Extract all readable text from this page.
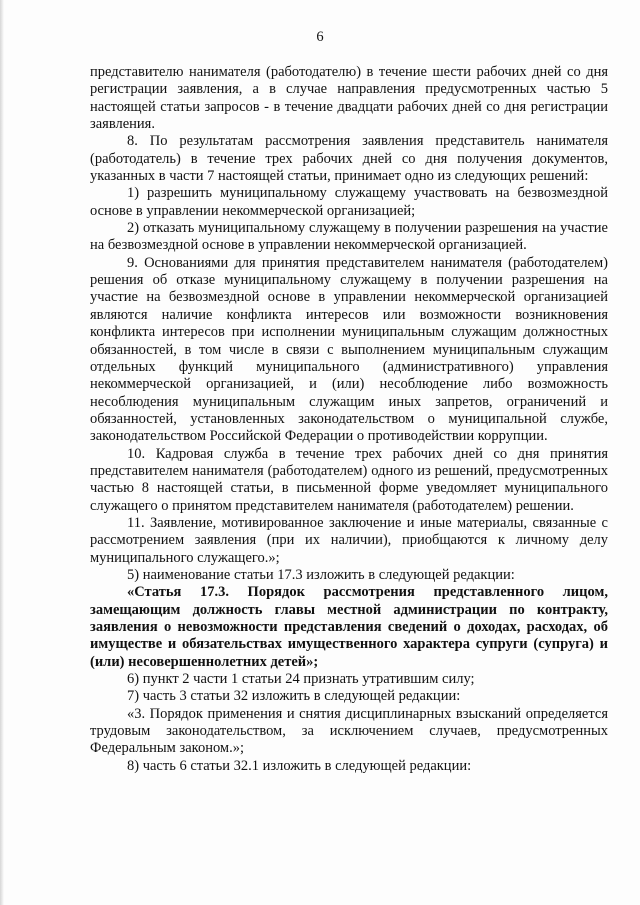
6

представителю нанимателя (работодателю) в течение шести рабочих дней со дня регистрации заявления, а в случае направления предусмотренных частью 5 настоящей статьи запросов - в течение двадцати рабочих дней со дня регистрации заявления.

8. По результатам рассмотрения заявления представитель нанимателя (работодатель) в течение трех рабочих дней со дня получения документов, указанных в части 7 настоящей статьи, принимает одно из следующих решений:

1) разрешить муниципальному служащему участвовать на безвозмездной основе в управлении некоммерческой организацией;

2) отказать муниципальному служащему в получении разрешения на участие на безвозмездной основе в управлении некоммерческой организацией.

9. Основаниями для принятия представителем нанимателя (работодателем) решения об отказе муниципальному служащему в получении разрешения на участие на безвозмездной основе в управлении некоммерческой организацией являются наличие конфликта интересов или возможности возникновения конфликта интересов при исполнении муниципальным служащим должностных обязанностей, в том числе в связи с выполнением муниципальным служащим отдельных функций муниципального (административного) управления некоммерческой организацией, и (или) несоблюдение либо возможность несоблюдения муниципальным служащим иных запретов, ограничений и обязанностей, установленных законодательством о муниципальной службе, законодательством Российской Федерации о противодействии коррупции.

10. Кадровая служба в течение трех рабочих дней со дня принятия представителем нанимателя (работодателем) одного из решений, предусмотренных частью 8 настоящей статьи, в письменной форме уведомляет муниципального служащего о принятом представителем нанимателя (работодателем) решении.

11. Заявление, мотивированное заключение и иные материалы, связанные с рассмотрением заявления (при их наличии), приобщаются к личному делу муниципального служащего.»;

5) наименование статьи 17.3 изложить в следующей редакции:

«Статья 17.3. Порядок рассмотрения представленного лицом, замещающим должность главы местной администрации по контракту, заявления о невозможности представления сведений о доходах, расходах, об имуществе и обязательствах имущественного характера супруги (супруга) и (или) несовершеннолетних детей»;

6) пункт 2 части 1 статьи 24 признать утратившим силу;

7) часть 3 статьи 32 изложить в следующей редакции:

«3. Порядок применения и снятия дисциплинарных взысканий определяется трудовым законодательством, за исключением случаев, предусмотренных Федеральным законом.»;

8) часть 6 статьи 32.1 изложить в следующей редакции:
